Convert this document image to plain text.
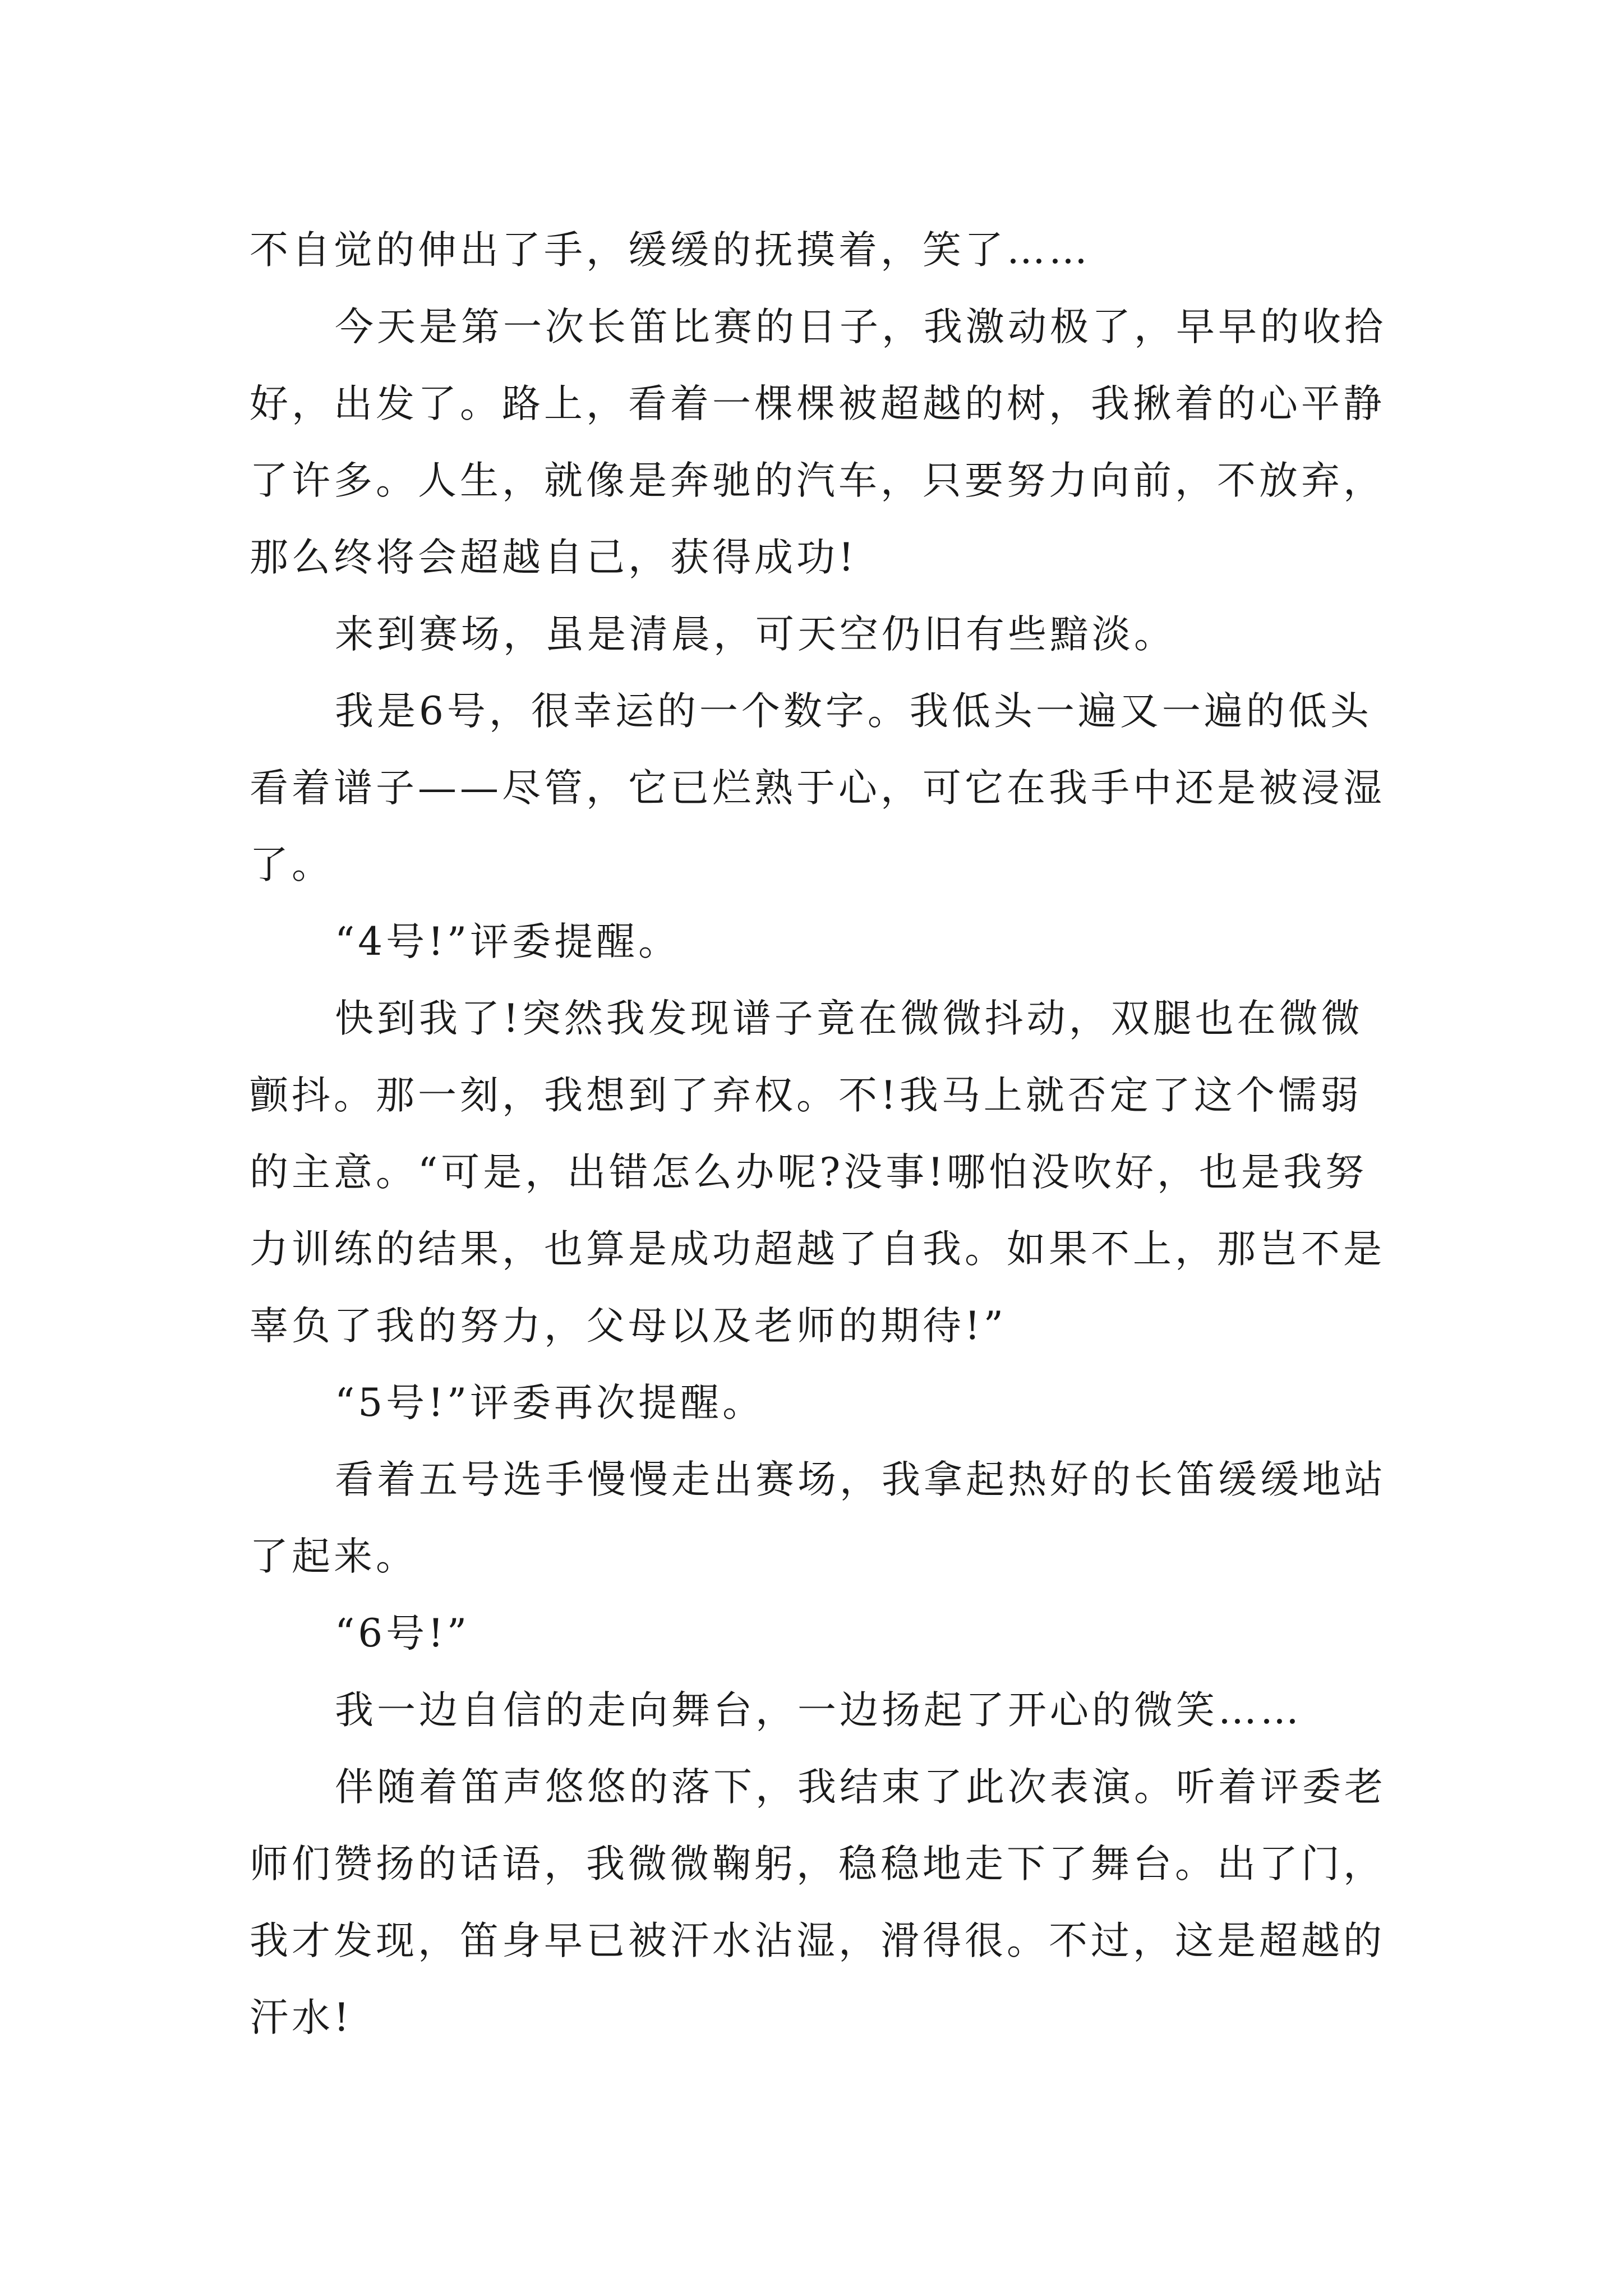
不自觉的伸出了手，缓缓的抚摸着，笑了……

今天是第一次长笛比赛的日子，我激动极了，早早的收拾好，出发了。路上，看着一棵棵被超越的树，我揪着的心平静了许多。人生，就像是奔驰的汽车，只要努力向前，不放弃，那么终将会超越自己，获得成功!

来到赛场，虽是清晨，可天空仍旧有些黯淡。

我是6号，很幸运的一个数字。我低头一遍又一遍的低头看着谱子——尽管，它已烂熟于心，可它在我手中还是被浸湿了。

“4号!”评委提醒。

快到我了!突然我发现谱子竟在微微抖动，双腿也在微微颤抖。那一刻，我想到了弃权。不!我马上就否定了这个懦弱的主意。“可是，出错怎么办呢?没事!哪怕没吹好，也是我努力训练的结果，也算是成功超越了自我。如果不上，那岂不是辜负了我的努力，父母以及老师的期待!”

“5号!”评委再次提醒。

看着五号选手慢慢走出赛场，我拿起热好的长笛缓缓地站了起来。

“6号!”

我一边自信的走向舞台，一边扬起了开心的微笑……

伴随着笛声悠悠的落下，我结束了此次表演。听着评委老师们赞扬的话语，我微微鞠躬，稳稳地走下了舞台。出了门，我才发现，笛身早已被汗水沾湿，滑得很。不过，这是超越的汗水!
